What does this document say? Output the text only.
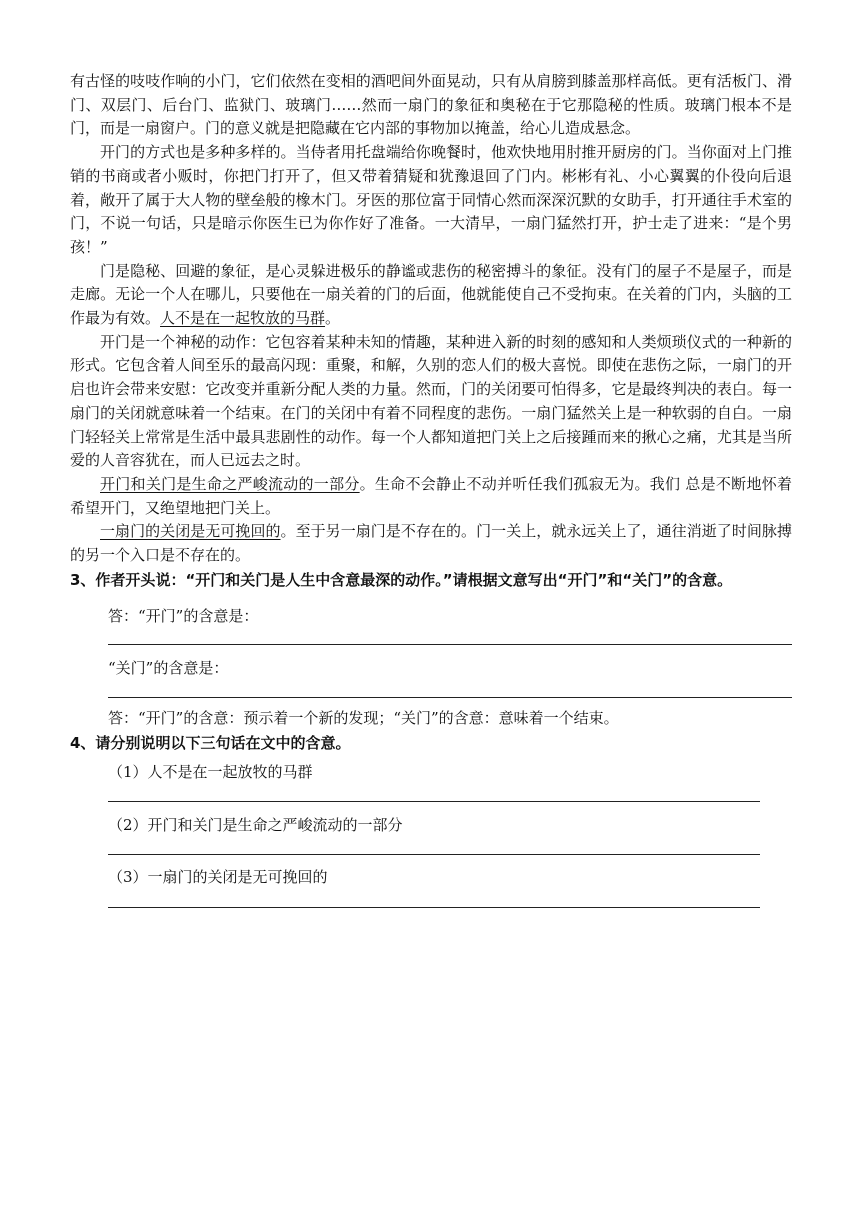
有古怪的吱吱作响的小门，它们依然在变相的酒吧间外面晃动，只有从肩膀到膝盖那样高低。更有活板门、滑门、双层门、后台门、监狱门、玻璃门……然而一扇门的象征和奥秘在于它那隐秘的性质。玻璃门根本不是门，而是一扇窗户。门的意义就是把隐藏在它内部的事物加以掩盖，给心儿造成悬念。

开门的方式也是多种多样的。当侍者用托盘端给你晚餐时，他欢快地用肘推开厨房的门。当你面对上门推销的书商或者小贩时，你把门打开了，但又带着猜疑和犹豫退回了门内。彬彬有礼、小心翼翼的仆役向后退着，敞开了属于大人物的壁垒般的橡木门。牙医的那位富于同情心然而深深沉默的女助手，打开通往手术室的门，不说一句话，只是暗示你医生已为你作好了准备。一大清早，一扇门猛然打开，护士走了进来：“是个男孩！”

门是隐秘、回避的象征，是心灵躲进极乐的静谧或悲伤的秘密搏斗的象征。没有门的屋子不是屋子，而是走廊。无论一个人在哪儿，只要他在一扇关着的门的后面，他就能使自己不受拘束。在关着的门内，头脑的工作最为有效。人不是在一起牧放的马群。

开门是一个神秘的动作：它包容着某种未知的情趣，某种进入新的时刻的感知和人类烦琐仪式的一种新的形式。它包含着人间至乐的最高闪现：重聚，和解，久别的恋人们的极大喜悦。即使在悲伤之际，一扇门的开启也许会带来安慰：它改变并重新分配人类的力量。然而，门的关闭要可怕得多，它是最终判决的表白。每一扇门的关闭就意味着一个结束。在门的关闭中有着不同程度的悲伤。一扇门猛然关上是一种软弱的自白。一扇门轻轻关上常常是生活中最具悲剧性的动作。每一个人都知道把门关上之后接踵而来的揪心之痛，尤其是当所爱的人音容犹在，而人已远去之时。

开门和关门是生命之严峻流动的一部分。生命不会静止不动并听任我们孤寂无为。我们 总是不断地怀着希望开门，又绝望地把门关上。

一扇门的关闭是无可挽回的。至于另一扇门是不存在的。门一关上，就永远关上了，通往消逝了时间脉搏的另一个入口是不存在的。

3、作者开头说：“开门和关门是人生中含意最深的动作。”请根据文意写出“开门”和“关门”的含意。

答：“开门”的含意是：

“关门”的含意是：

答：“开门”的含意：预示着一个新的发现；“关门”的含意：意味着一个结束。

4、请分别说明以下三句话在文中的含意。

（1）人不是在一起放牧的马群

（2）开门和关门是生命之严峻流动的一部分

（3）一扇门的关闭是无可挽回的
